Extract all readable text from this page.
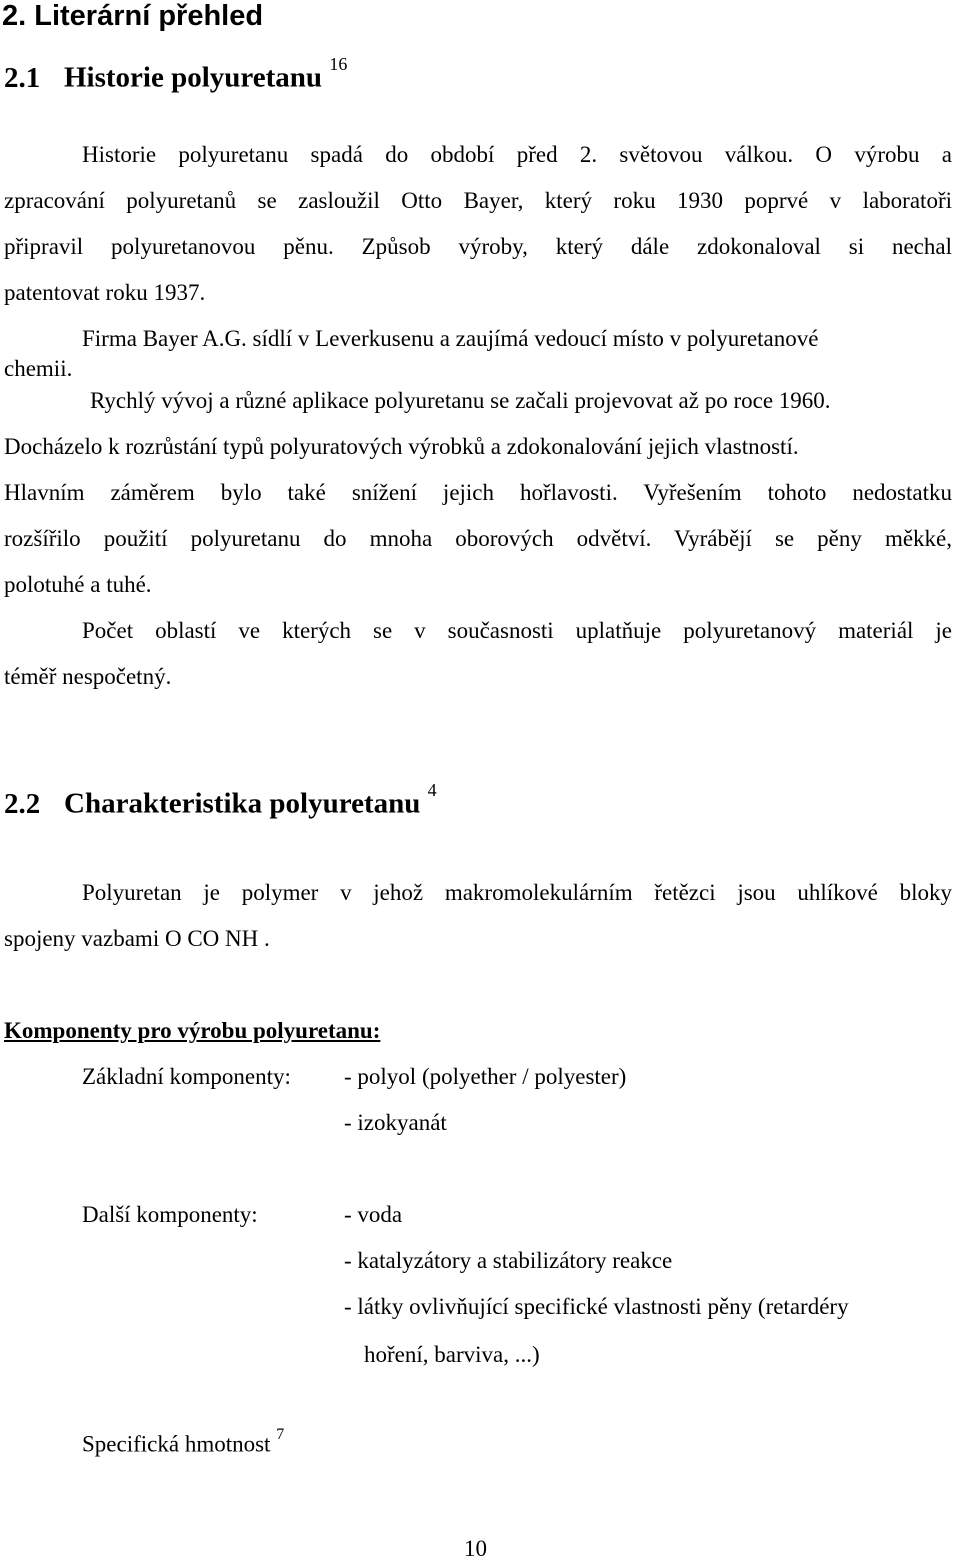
2. Literární přehled
2.1 Historie polyuretanu $^{16}$
Historie polyuretanu spadá do období před 2. světovou válkou. O výrobu a
zpracování polyuretanů se zasloužil Otto Bayer, který roku 1930 poprvé v laboratoři
připravil polyuretanovou pěnu. Způsob výroby, který dále zdokonaloval si nechal
patentovat roku 1937.
Firma Bayer A.G. sídlí v Leverkusenu a zaujímá vedoucí místo v polyuretanové
chemii.
Rychlý vývoj a různé aplikace polyuretanu se začali projevovat až po roce 1960.
Docházelo k rozrůstání typů polyuratových výrobků a zdokonalování jejich vlastností.
Hlavním záměrem bylo také snížení jejich hořlavosti. Vyřešením tohoto nedostatku
rozšířilo použití polyuretanu do mnoha oborových odvětví. Vyrábějí se pěny měkké,
polotuhé a tuhé.
Počet oblastí ve kterých se v současnosti uplatňuje polyuretanový materiál je
téměř nespočetný.
2.2 Charakteristika polyuretanu $^4$
Polyuretan je polymer v jehož makromolekulárním řetězci jsou uhlíkové bloky
spojeny vazbami O CO NH .
Komponenty pro výrobu polyuretanu:
Základní komponenty: - polyol (polyether / polyester)
- izokyanát
Další komponenty:	- voda
- katalyzátory a stabilizátory reakce
- látky ovlivňující specifické vlastnosti pěny (retardéry
hoření, barviva, ...)
Specifická hmotnost $^7$
10
